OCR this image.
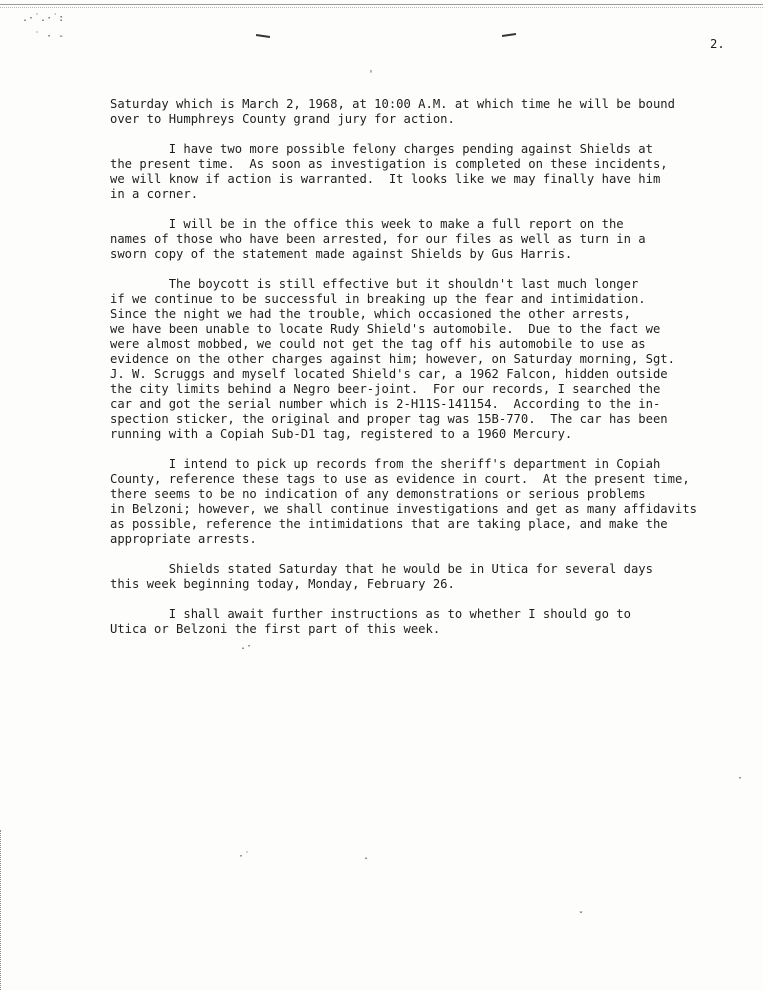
.·˙.·˙:
˙ · -
2.

Saturday which is March 2, 1968, at 10:00 A.M. at which time he will be bound
over to Humphreys County grand jury for action.

I have two more possible felony charges pending against Shields at
the present time.  As soon as investigation is completed on these incidents,
we will know if action is warranted.  It looks like we may finally have him
in a corner.

I will be in the office this week to make a full report on the
names of those who have been arrested, for our files as well as turn in a
sworn copy of the statement made against Shields by Gus Harris.

The boycott is still effective but it shouldn't last much longer
if we continue to be successful in breaking up the fear and intimidation.
Since the night we had the trouble, which occasioned the other arrests,
we have been unable to locate Rudy Shield's automobile.  Due to the fact we
were almost mobbed, we could not get the tag off his automobile to use as
evidence on the other charges against him; however, on Saturday morning, Sgt.
J. W. Scruggs and myself located Shield's car, a 1962 Falcon, hidden outside
the city limits behind a Negro beer-joint.  For our records, I searched the
car and got the serial number which is 2-H11S-141154.  According to the in-
spection sticker, the original and proper tag was 15B-770.  The car has been
running with a Copiah Sub-D1 tag, registered to a 1960 Mercury.

I intend to pick up records from the sheriff's department in Copiah
County, reference these tags to use as evidence in court.  At the present time,
there seems to be no indication of any demonstrations or serious problems
in Belzoni; however, we shall continue investigations and get as many affidavits
as possible, reference the intimidations that are taking place, and make the
appropriate arrests.

Shields stated Saturday that he would be in Utica for several days
this week beginning today, Monday, February 26.

I shall await further instructions as to whether I should go to
Utica or Belzoni the first part of this week.

'
.·
·˙	.
·
ˇ
